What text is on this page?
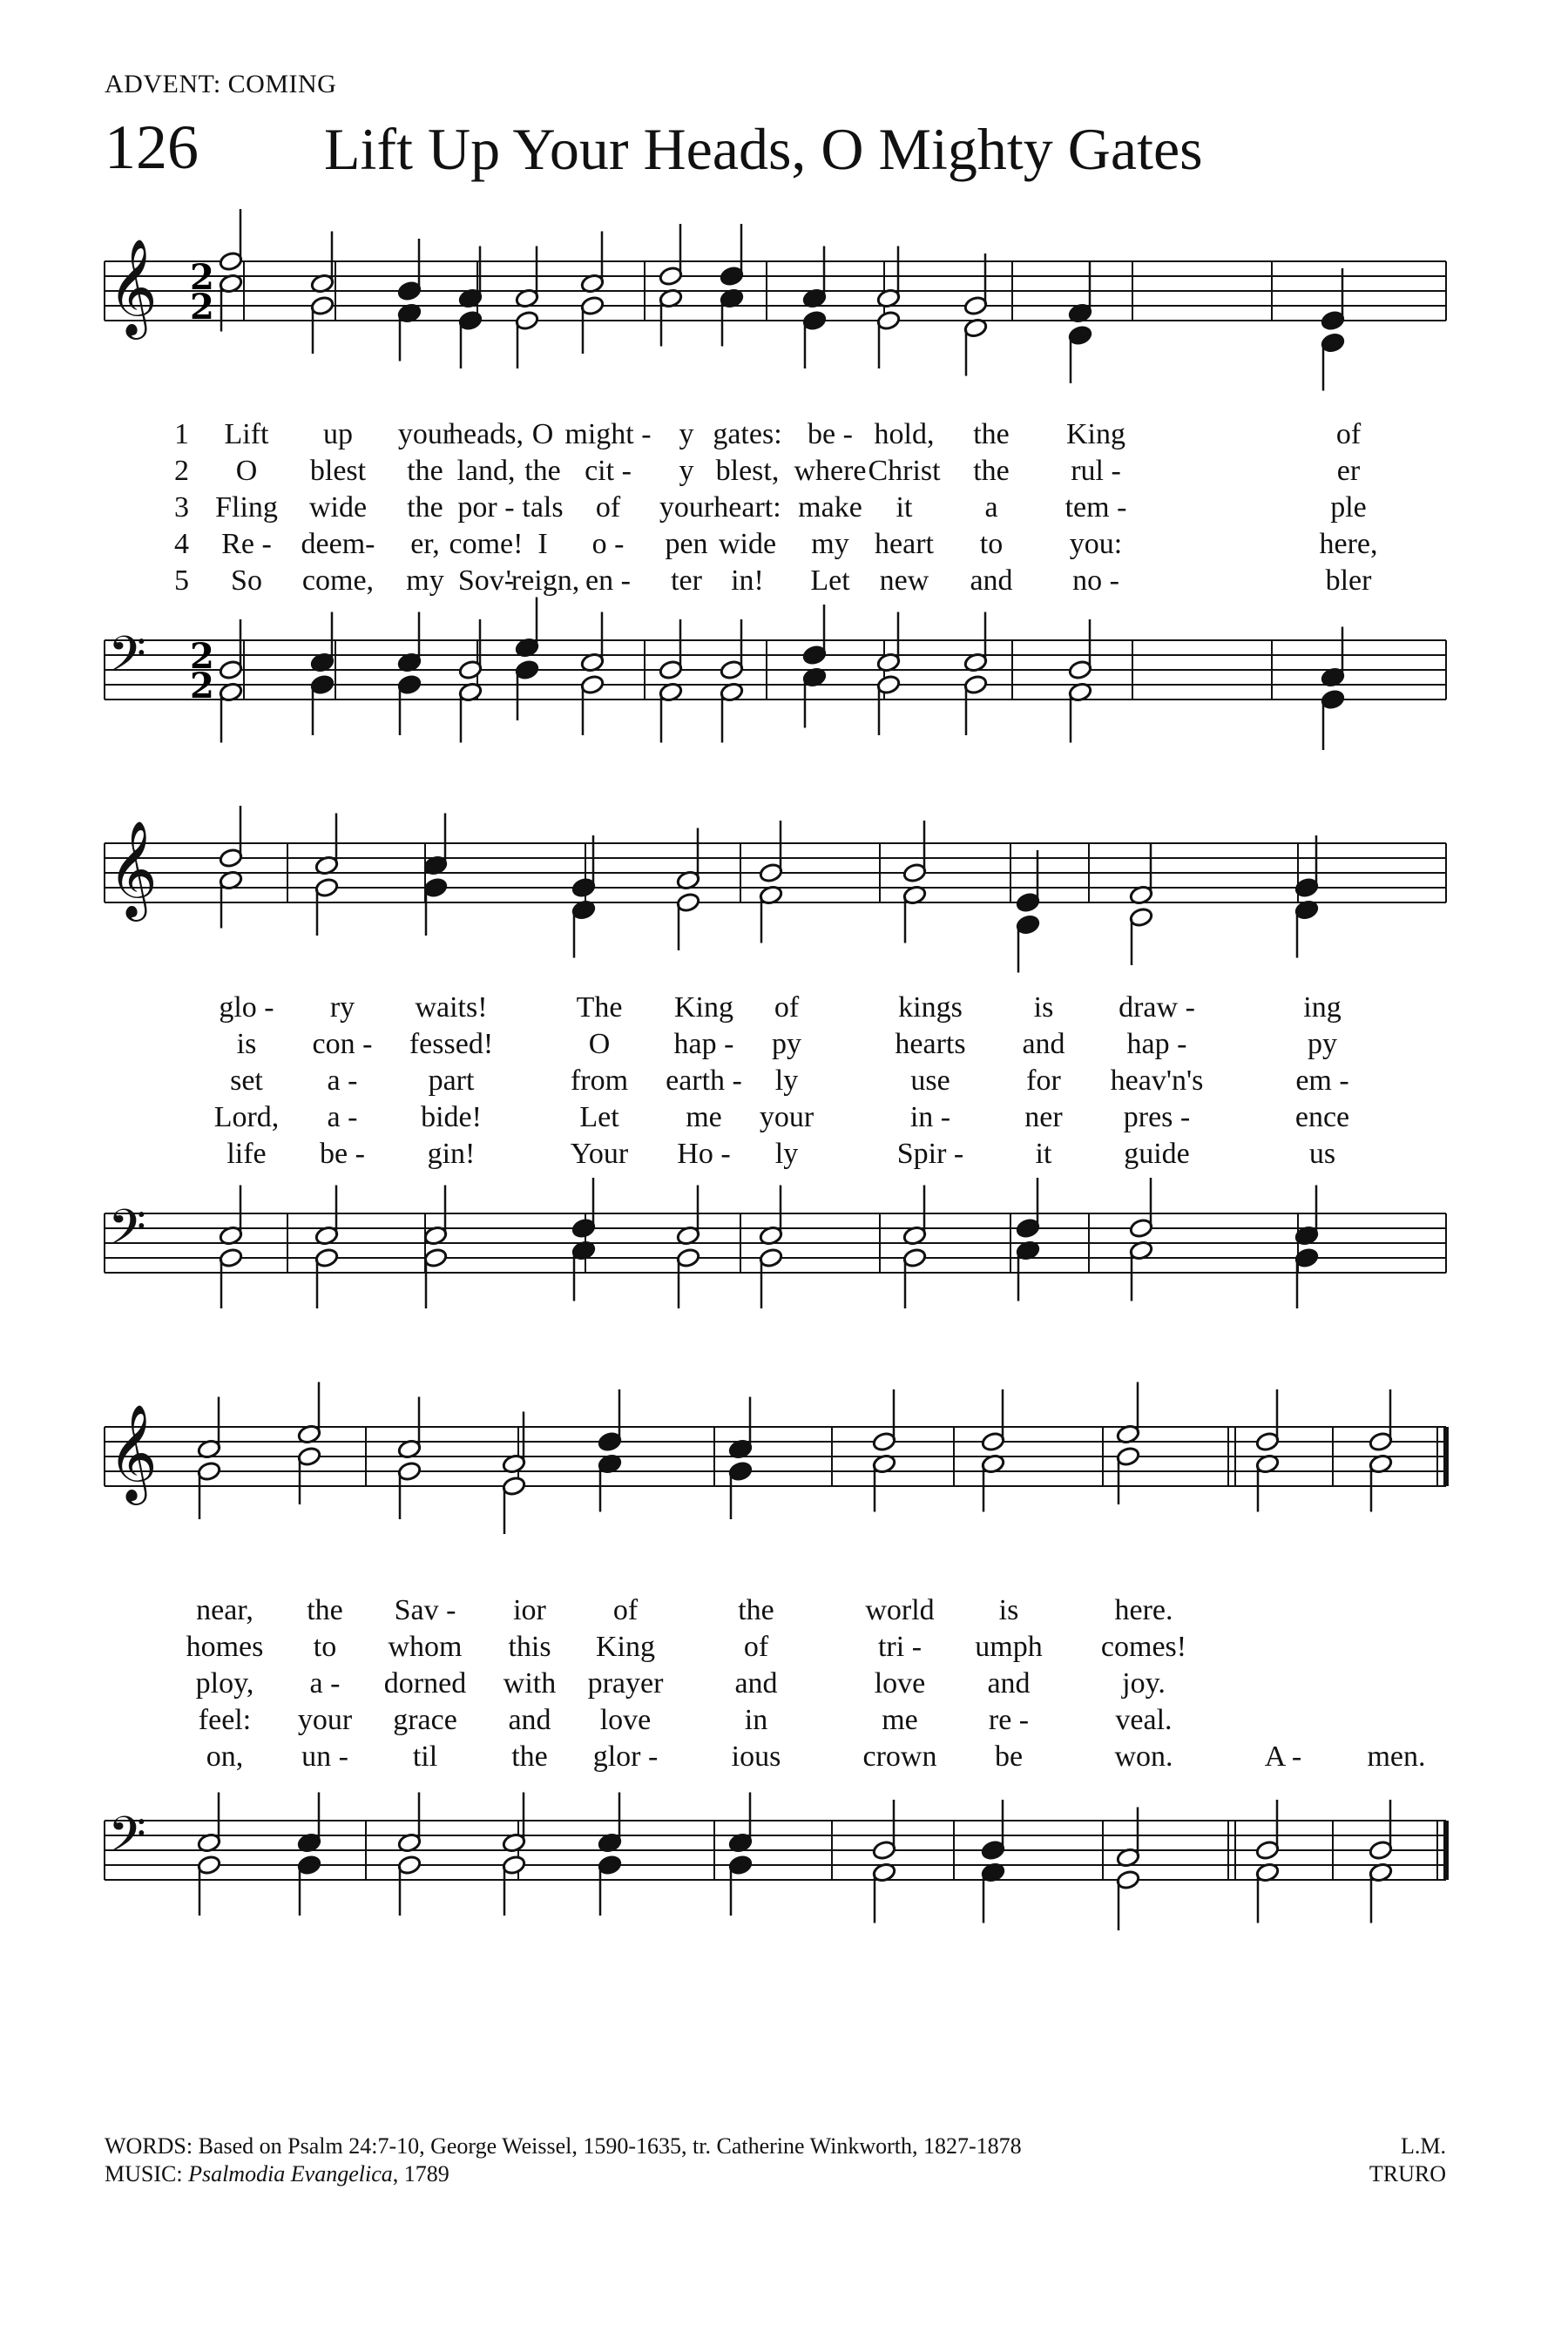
ADVENT: COMING
126 Lift Up Your Heads, O Mighty Gates
𝄞
𝄢
2
2
2
2
1 Lift up your
heads, O might - y gates: be - hold, the King	of
2 O blest the land, the cit - y blest, where Christ the rul -	er
3 Fling wide the por - tals of your heart: make it a tem -	ple
4 Re - deem- er, come! I o - pen wide my heart to you:	here,
5 So come, my Sov-
'reign, en - ter in! Let new and no -	bler
𝄞
𝄢
glo - ry waits!	The King of	kings is draw -	ing
is con - fessed!	O hap - py	hearts and hap -	py
set a - part	from earth - ly	use	for heav'n's	em -
Lord, a - bide!	Let me your	in -	ner pres -	ence
life be - gin!	Your Ho - ly	Spir - it guide	us
𝄞
𝄢
near, the Sav - ior of	the	world is	here.
homes to whom this King	of	tri - umph comes!
ploy, a - dorned with prayer and	love and	joy.
feel: your grace and love	in	me re -	veal.
on, un - til	the glor - ious	crown be	won.	A - men.
WORDS: Based on Psalm 24:7-10, George Weissel, 1590-1635, tr. Catherine Winkworth, 1827-1878	L.M.
MUSIC: Psalmodia Evangelica, 1789	TRURO
